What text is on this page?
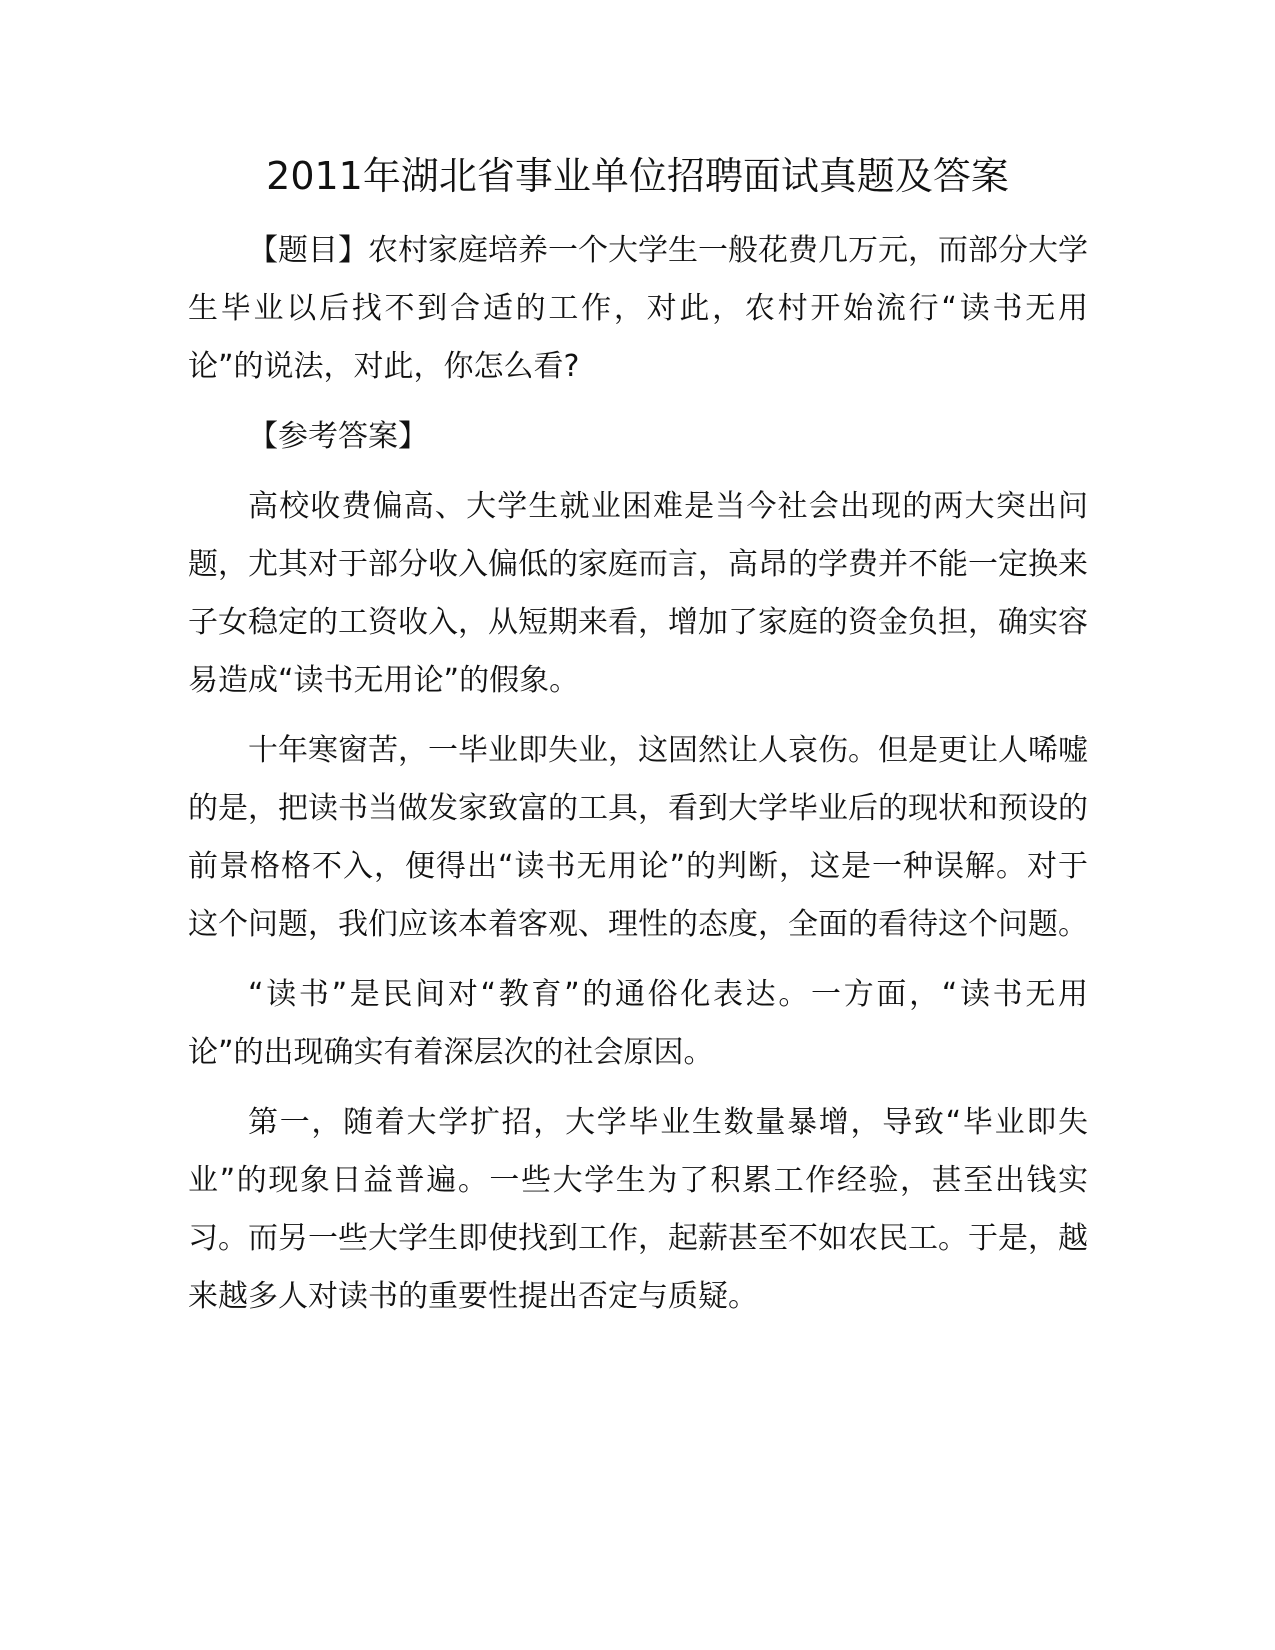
2011年湖北省事业单位招聘面试真题及答案

【题目】农村家庭培养一个大学生一般花费几万元，而部分大学生毕业以后找不到合适的工作，对此，农村开始流行“读书无用论”的说法，对此，你怎么看?

【参考答案】

高校收费偏高、大学生就业困难是当今社会出现的两大突出问题，尤其对于部分收入偏低的家庭而言，高昂的学费并不能一定换来子女稳定的工资收入，从短期来看，增加了家庭的资金负担，确实容易造成“读书无用论”的假象。

十年寒窗苦，一毕业即失业，这固然让人哀伤。但是更让人唏嘘的是，把读书当做发家致富的工具，看到大学毕业后的现状和预设的前景格格不入，便得出“读书无用论”的判断，这是一种误解。对于这个问题，我们应该本着客观、理性的态度，全面的看待这个问题。

“读书”是民间对“教育”的通俗化表达。一方面，“读书无用论”的出现确实有着深层次的社会原因。

第一，随着大学扩招，大学毕业生数量暴增，导致“毕业即失业”的现象日益普遍。一些大学生为了积累工作经验，甚至出钱实习。而另一些大学生即使找到工作，起薪甚至不如农民工。于是，越来越多人对读书的重要性提出否定与质疑。
